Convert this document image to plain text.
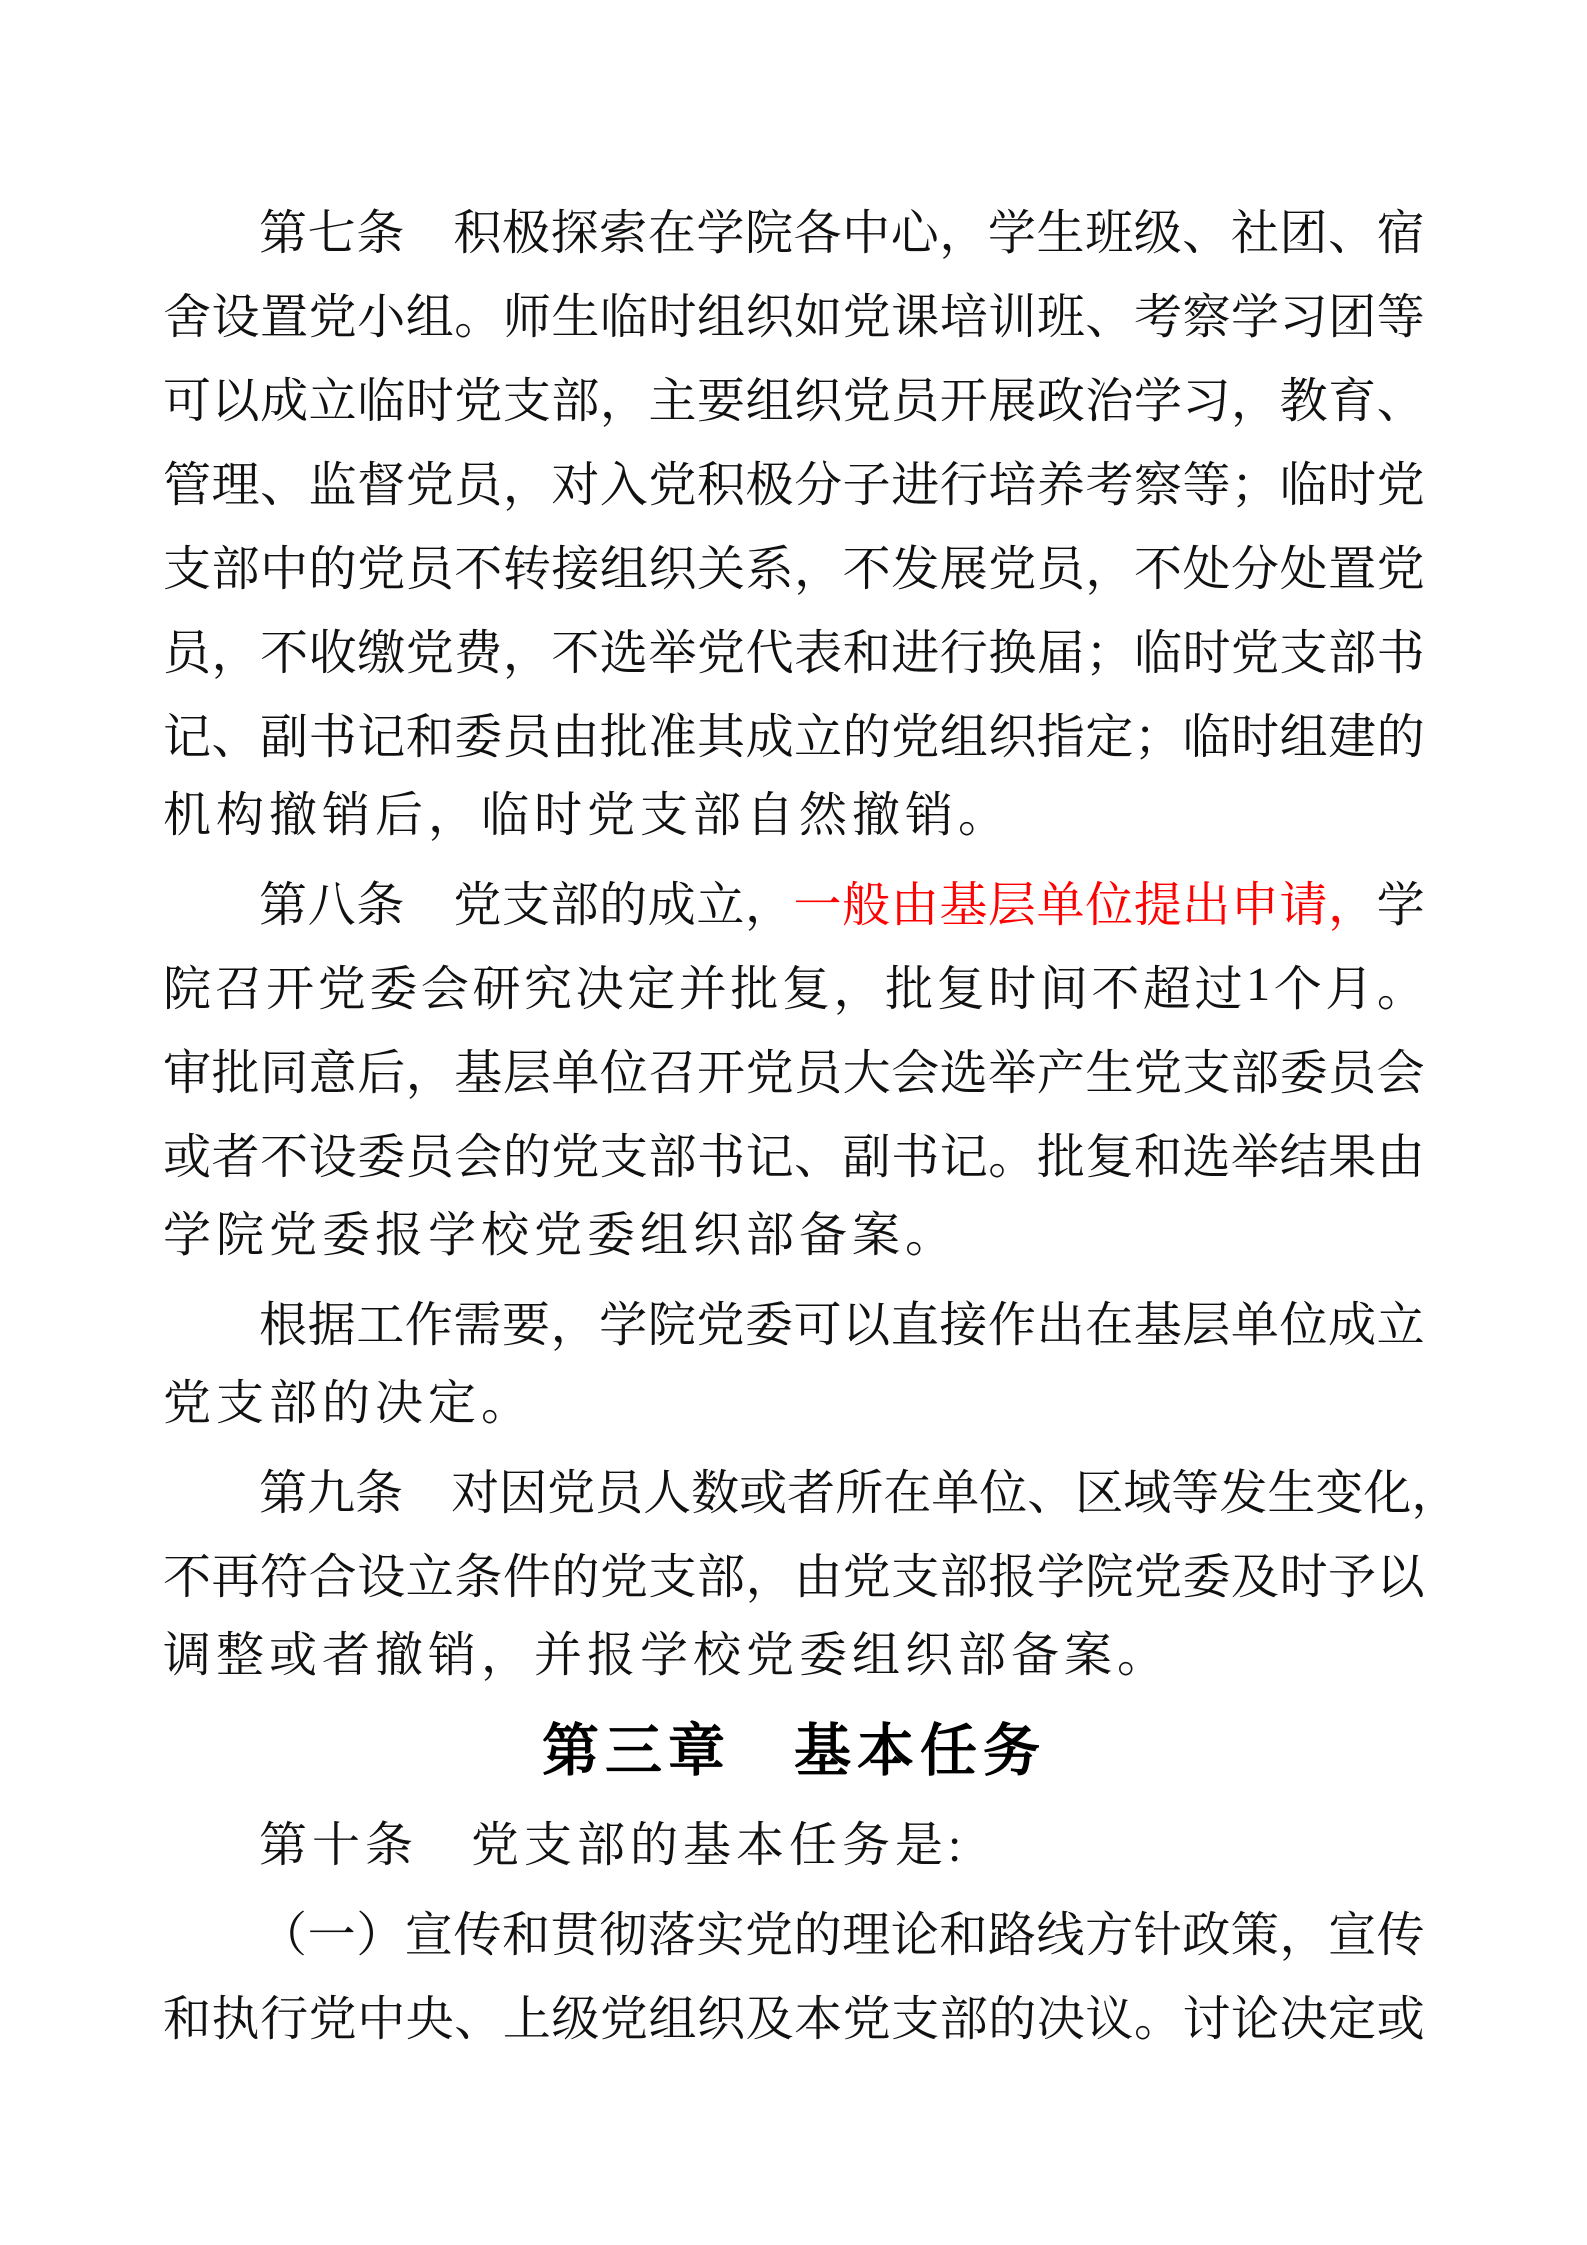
第 七 条
　 积 极 探 索 在 学 院 各 中 心 ， 学 生 班 级 、 社 团 、 宿
舍 设 置 党 小 组 。 师 生 临 时 组 织 如 党 课 培 训 班 、 考 察 学 习 团 等
可 以 成 立 临 时 党 支 部 ， 主 要 组 织 党 员 开 展 政 治 学 习 ， 教 育 、
管 理 、 监 督 党 员 ， 对 入 党 积 极 分 子 进 行 培 养 考 察 等 ； 临 时 党
支 部 中 的 党 员 不 转 接 组 织 关 系 ， 不 发 展 党 员 ， 不 处 分 处 置 党
员 ， 不 收 缴 党 费 ， 不 选 举 党 代 表 和 进 行 换 届 ； 临 时 党 支 部 书
记 、 副 书 记 和 委 员 由 批 准 其 成 立 的 党 组 织 指 定 ； 临 时 组 建 的
机构撤销后，临时党支部自然撤销。
第 八 条
　 党 支 部 的 成 立 ， 一 般 由 基 层 单 位 提 出 申 请 ， 学
院 召 开 党 委 会 研 究 决 定 并 批 复 ， 批 复 时 间 不 超 过 1 个 月 。
审 批 同 意 后 ， 基 层 单 位 召 开 党 员 大 会 选 举 产 生 党 支 部 委 员 会
或 者 不 设 委 员 会 的 党 支 部 书 记 、 副 书 记 。 批 复 和 选 举 结 果 由
学院党委报学校党委组织部备案。
根 据 工 作 需 要 ， 学 院 党 委 可 以 直 接 作 出 在 基 层 单 位 成 立
党支部的决定。
第 九 条
　 对 因 党 员 人 数 或 者 所 在 单 位 、 区 域 等 发 生 变 化 ，
不 再 符 合 设 立 条 件 的 党 支 部 ， 由 党 支 部 报 学 院 党 委 及 时 予 以
调整或者撤销，并报学校党委组织部备案。
第三章　基本任务
第十条　党支部的基本任务是:
（ 一 ） 宣 传 和 贯 彻 落 实 党 的 理 论 和 路 线 方 针 政 策 ， 宣 传
和 执 行 党 中 央 、 上 级 党 组 织 及 本 党 支 部 的 决 议 。 讨 论 决 定 或
